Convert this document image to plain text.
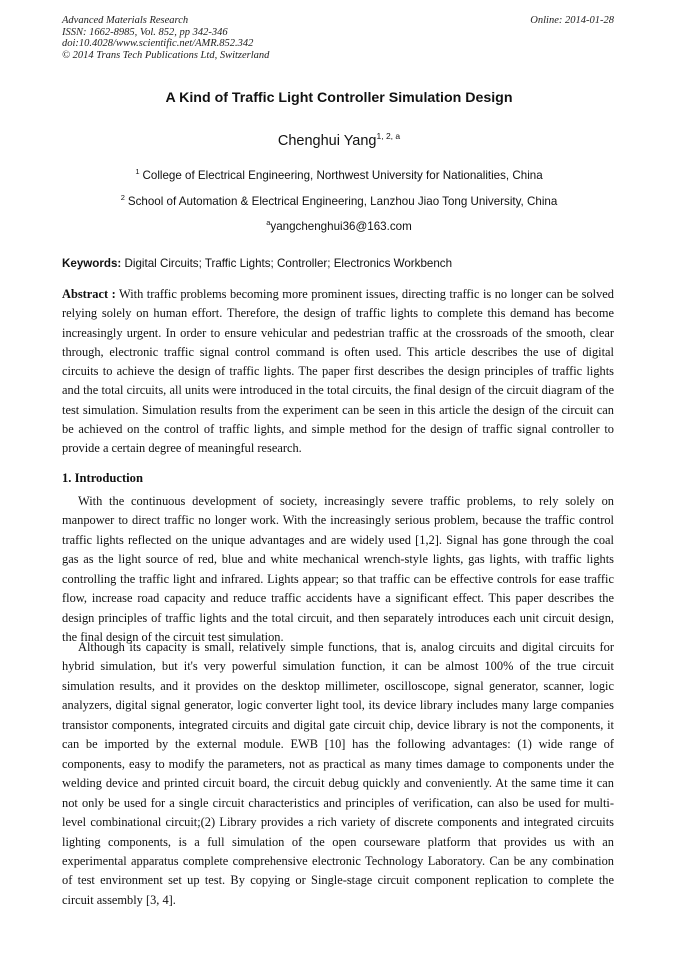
Advanced Materials Research
ISSN: 1662-8985, Vol. 852, pp 342-346
doi:10.4028/www.scientific.net/AMR.852.342
© 2014 Trans Tech Publications Ltd, Switzerland
Online: 2014-01-28
A Kind of Traffic Light Controller Simulation Design
Chenghui Yang$^{1, 2, a}$
$^1$ College of Electrical Engineering, Northwest University for Nationalities, China
$^2$ School of Automation & Electrical Engineering, Lanzhou Jiao Tong University, China
$^a$yangchenghui36@163.com
Keywords: Digital Circuits; Traffic Lights; Controller; Electronics Workbench

Abstract : With traffic problems becoming more prominent issues, directing traffic is no longer can be solved relying solely on human effort. Therefore, the design of traffic lights to complete this demand has become increasingly urgent. In order to ensure vehicular and pedestrian traffic at the crossroads of the smooth, clear through, electronic traffic signal control command is often used. This article describes the use of digital circuits to achieve the design of traffic lights. The paper first describes the design principles of traffic lights and the total circuits, all units were introduced in the total circuits, the final design of the circuit diagram of the test simulation. Simulation results from the experiment can be seen in this article the design of the circuit can be achieved on the control of traffic lights, and simple method for the design of traffic signal controller to provide a certain degree of meaningful research.

1. Introduction

With the continuous development of society, increasingly severe traffic problems, to rely solely on manpower to direct traffic no longer work. With the increasingly serious problem, because the traffic control traffic lights reflected on the unique advantages and are widely used [1,2]. Signal has gone through the coal gas as the light source of red, blue and white mechanical wrench-style lights, gas lights, with traffic lights controlling the traffic light and infrared. Lights appear; so that traffic can be effective controls for ease traffic flow, increase road capacity and reduce traffic accidents have a significant effect. This paper describes the design principles of traffic lights and the total circuit, and then separately introduces each unit circuit design, the final design of the circuit test simulation.

Although its capacity is small, relatively simple functions, that is, analog circuits and digital circuits for hybrid simulation, but it's very powerful simulation function, it can be almost 100% of the true circuit simulation results, and it provides on the desktop millimeter, oscilloscope, signal generator, scanner, logic analyzers, digital signal generator, logic converter light tool, its device library includes many large companies transistor components, integrated circuits and digital gate circuit chip, device library is not the components, it can be imported by the external module. EWB [10] has the following advantages: (1) wide range of components, easy to modify the parameters, not as practical as many times damage to components under the welding device and printed circuit board, the circuit debug quickly and conveniently. At the same time it can not only be used for a single circuit characteristics and principles of verification, can also be used for multi-level combinational circuit;(2) Library provides a rich variety of discrete components and integrated circuits lighting components, is a full simulation of the open courseware platform that provides us with an experimental apparatus complete comprehensive electronic Technology Laboratory. Can be any combination of test environment set up test. By copying or Single-stage circuit component replication to complete the circuit assembly [3, 4].
